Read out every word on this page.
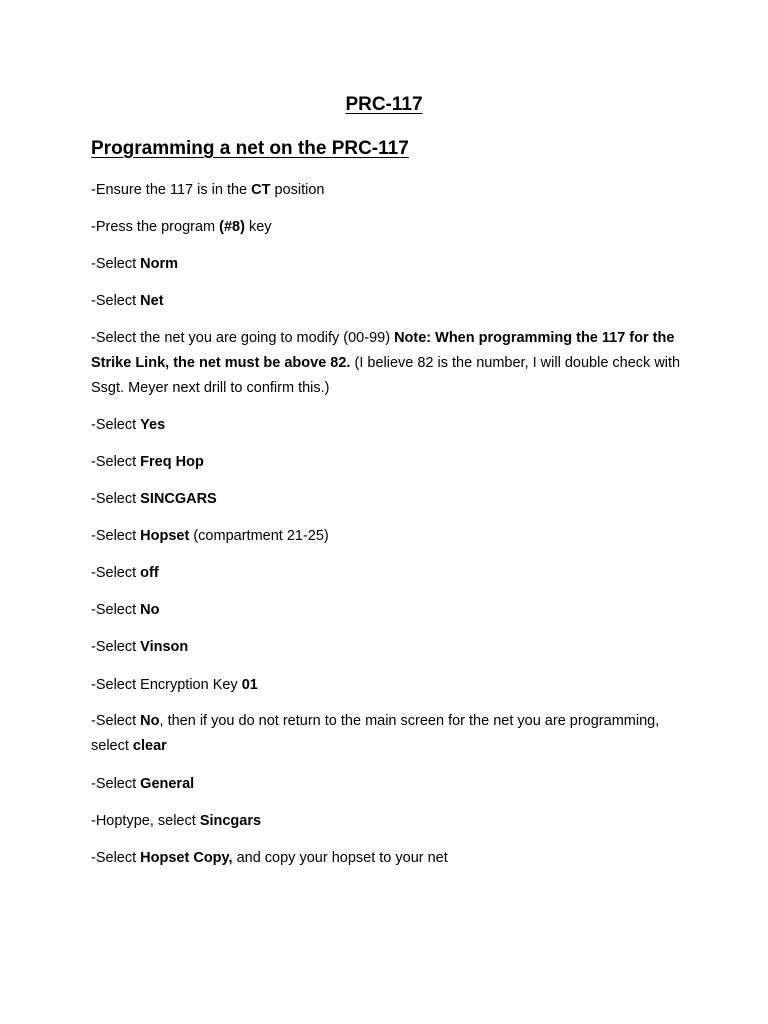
PRC-117
Programming a net on the PRC-117

-Ensure the 117 is in the CT position

-Press the program (#8) key

-Select Norm

-Select Net

-Select the net you are going to modify (00-99) Note: When programming the 117 for the Strike Link, the net must be above 82. (I believe 82 is the number, I will double check with Ssgt. Meyer next drill to confirm this.)

-Select Yes

-Select Freq Hop

-Select SINCGARS

-Select Hopset (compartment 21-25)

-Select off

-Select No

-Select Vinson

-Select Encryption Key 01

-Select No, then if you do not return to the main screen for the net you are programming, select clear

-Select General

-Hoptype, select Sincgars

-Select Hopset Copy, and copy your hopset to your net
